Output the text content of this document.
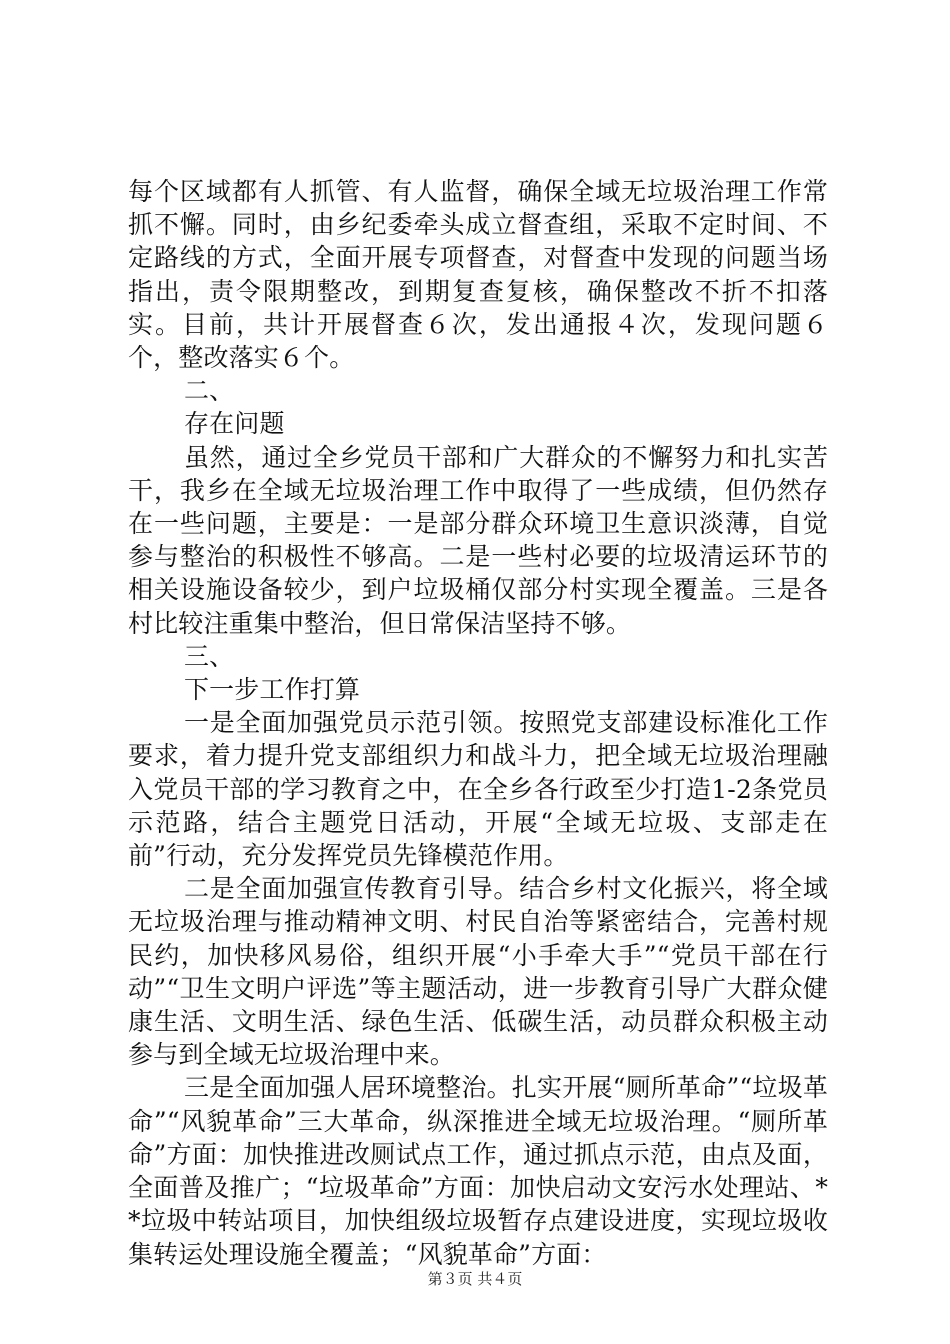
每个区域都有人抓管、有人监督，确保全域无垃圾治理工作常抓不懈。同时，由乡纪委牵头成立督查组，采取不定时间、不定路线的方式，全面开展专项督查，对督查中发现的问题当场指出，责令限期整改，到期复查复核，确保整改不折不扣落实。目前，共计开展督查６次，发出通报４次，发现问题６个，整改落实６个。

二、

存在问题

虽然，通过全乡党员干部和广大群众的不懈努力和扎实苦干，我乡在全域无垃圾治理工作中取得了一些成绩，但仍然存在一些问题，主要是：一是部分群众环境卫生意识淡薄，自觉参与整治的积极性不够高。二是一些村必要的垃圾清运环节的相关设施设备较少，到户垃圾桶仅部分村实现全覆盖。三是各村比较注重集中整治，但日常保洁坚持不够。

三、

下一步工作打算

一是全面加强党员示范引领。按照党支部建设标准化工作要求，着力提升党支部组织力和战斗力，把全域无垃圾治理融入党员干部的学习教育之中，在全乡各行政至少打造1-2条党员示范路，结合主题党日活动，开展“全域无垃圾、支部走在前”行动，充分发挥党员先锋模范作用。

二是全面加强宣传教育引导。结合乡村文化振兴，将全域无垃圾治理与推动精神文明、村民自治等紧密结合，完善村规民约，加快移风易俗，组织开展“小手牵大手”“党员干部在行动”“卫生文明户评选”等主题活动，进一步教育引导广大群众健康生活、文明生活、绿色生活、低碳生活，动员群众积极主动参与到全域无垃圾治理中来。

三是全面加强人居环境整治。扎实开展“厕所革命”“垃圾革命”“风貌革命”三大革命，纵深推进全域无垃圾治理。“厕所革命”方面：加快推进改厕试点工作，通过抓点示范，由点及面，全面普及推广；“垃圾革命”方面：加快启动文安污水处理站、**垃圾中转站项目，加快组级垃圾暂存点建设进度，实现垃圾收集转运处理设施全覆盖；“风貌革命”方面：

第３页 共４页
